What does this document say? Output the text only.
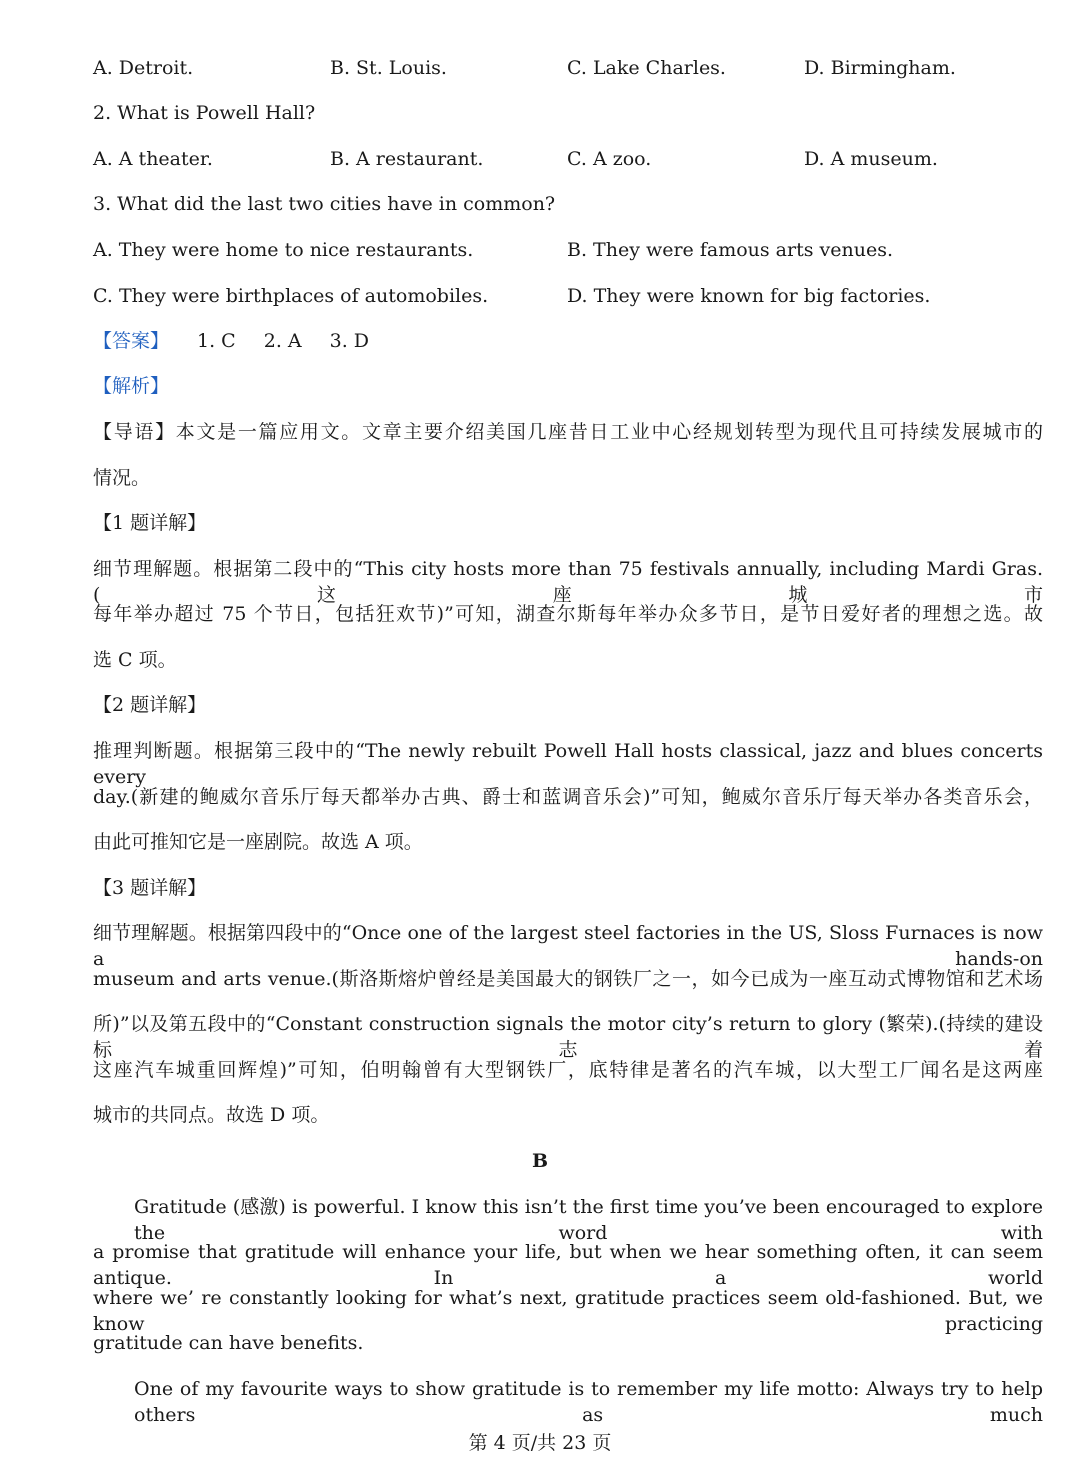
A. Detroit.	B. St. Louis.	C. Lake Charles.	D. Birmingham.
2. What is Powell Hall?
A. A theater.	B. A restaurant.	C. A zoo.	D. A museum.
3. What did the last two cities have in common?
A. They were home to nice restaurants.	B. They were famous arts venues.
C. They were birthplaces of automobiles.	D. They were known for big factories.
【答案】 1. C 2. A 3. D
【解析】
【导语】本文是一篇应用文。文章主要介绍美国几座昔日工业中心经规划转型为现代且可持续发展城市的
情况。
【1 题详解】
细节理解题。根据第二段中的“This city hosts more than 75 festivals annually, including Mardi Gras.(这座城市
每年举办超过 75 个节日，包括狂欢节)”可知，湖查尔斯每年举办众多节日，是节日爱好者的理想之选。故
选 C 项。
【2 题详解】
推理判断题。根据第三段中的“The newly rebuilt Powell Hall hosts classical, jazz and blues concerts every
day.(新建的鲍威尔音乐厅每天都举办古典、爵士和蓝调音乐会)”可知，鲍威尔音乐厅每天举办各类音乐会，
由此可推知它是一座剧院。故选 A 项。
【3 题详解】
细节理解题。根据第四段中的“Once one of the largest steel factories in the US, Sloss Furnaces is now a hands-on
museum and arts venue.(斯洛斯熔炉曾经是美国最大的钢铁厂之一，如今已成为一座互动式博物馆和艺术场
所)”以及第五段中的“Constant construction signals the motor city’s return to glory (繁荣).(持续的建设标志着
这座汽车城重回辉煌)”可知，伯明翰曾有大型钢铁厂，底特律是著名的汽车城，以大型工厂闻名是这两座
城市的共同点。故选 D 项。
B
Gratitude (感激) is powerful. I know this isn’t the first time you’ve been encouraged to explore the word with
a promise that gratitude will enhance your life, but when we hear something often, it can seem antique. In a world
where we’ re constantly looking for what’s next, gratitude practices seem old-fashioned. But, we know practicing
gratitude can have benefits.
One of my favourite ways to show gratitude is to remember my life motto: Always try to help others as much
第 4 页/共 23 页
